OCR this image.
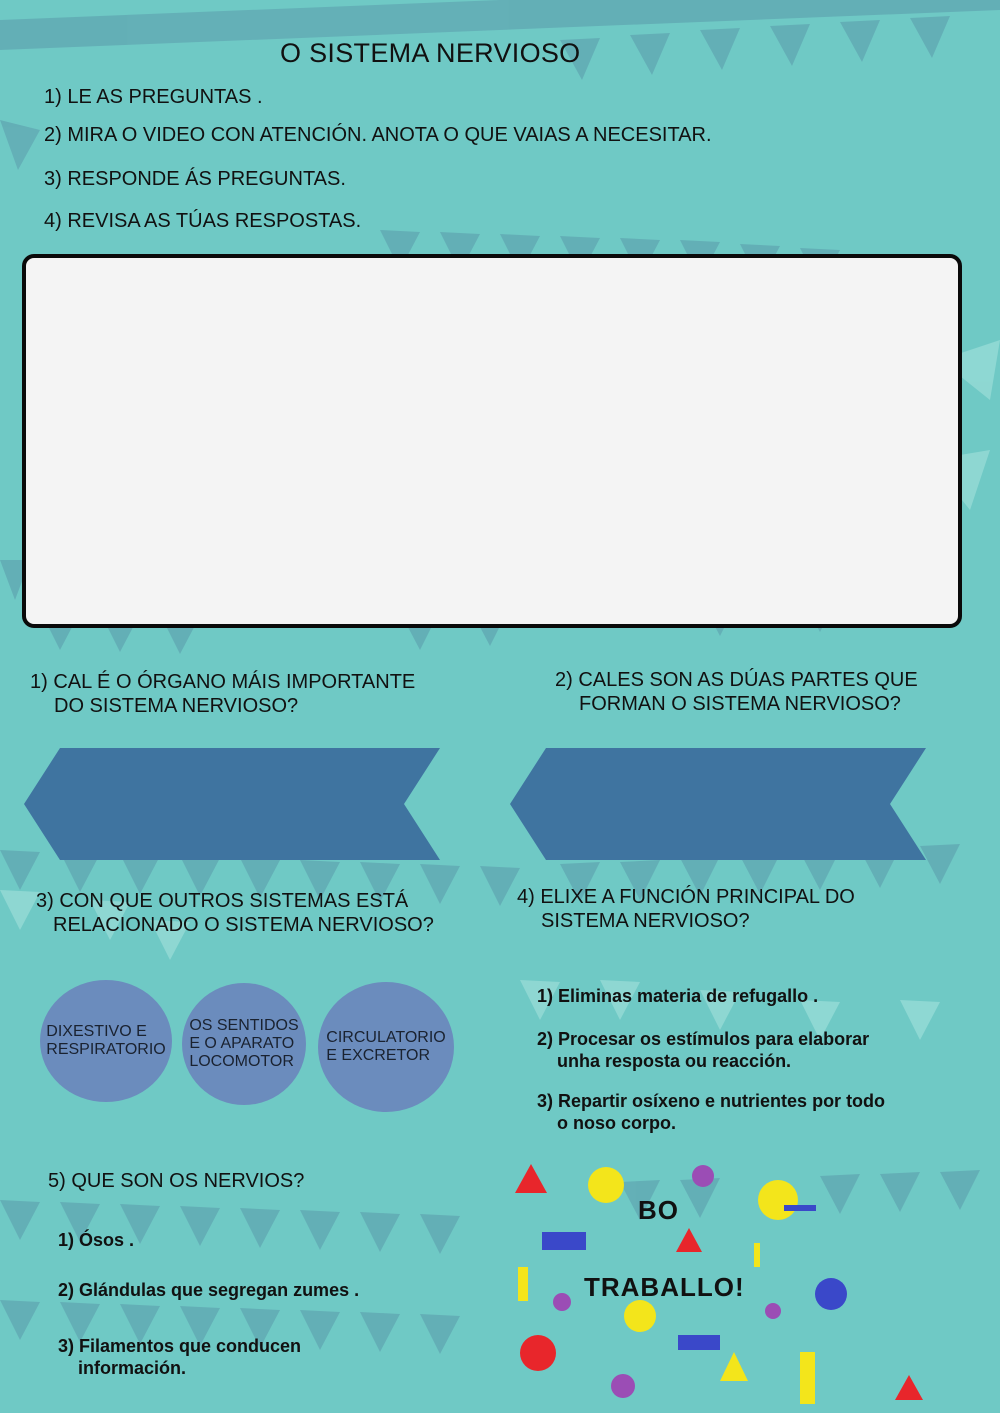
O SISTEMA NERVIOSO
1) LE AS PREGUNTAS .
2) MIRA O VIDEO CON ATENCIÓN. ANOTA O QUE VAIAS A NECESITAR.
3) RESPONDE ÁS PREGUNTAS.
4) REVISA AS TÚAS RESPOSTAS.
1) CAL É O ÓRGANO MÁIS IMPORTANTE
DO SISTEMA NERVIOSO?
2) CALES SON AS DÚAS PARTES QUE
FORMAN O SISTEMA NERVIOSO?
3) CON QUE OUTROS SISTEMAS ESTÁ
RELACIONADO O SISTEMA NERVIOSO?
DIXESTIVO E
RESPIRATORIO
OS SENTIDOS
E O APARATO
LOCOMOTOR
CIRCULATORIO
E EXCRETOR
4) ELIXE A FUNCIÓN PRINCIPAL DO
SISTEMA NERVIOSO?
1) Eliminas materia de refugallo .
2) Procesar os estímulos para elaborar
unha resposta ou reacción.
3) Repartir osíxeno e nutrientes por todo
o noso corpo.
5) QUE SON OS NERVIOS?
1) Ósos .
2) Glándulas que segregan zumes .
3) Filamentos que conducen
información.
BO
TRABALLO!
